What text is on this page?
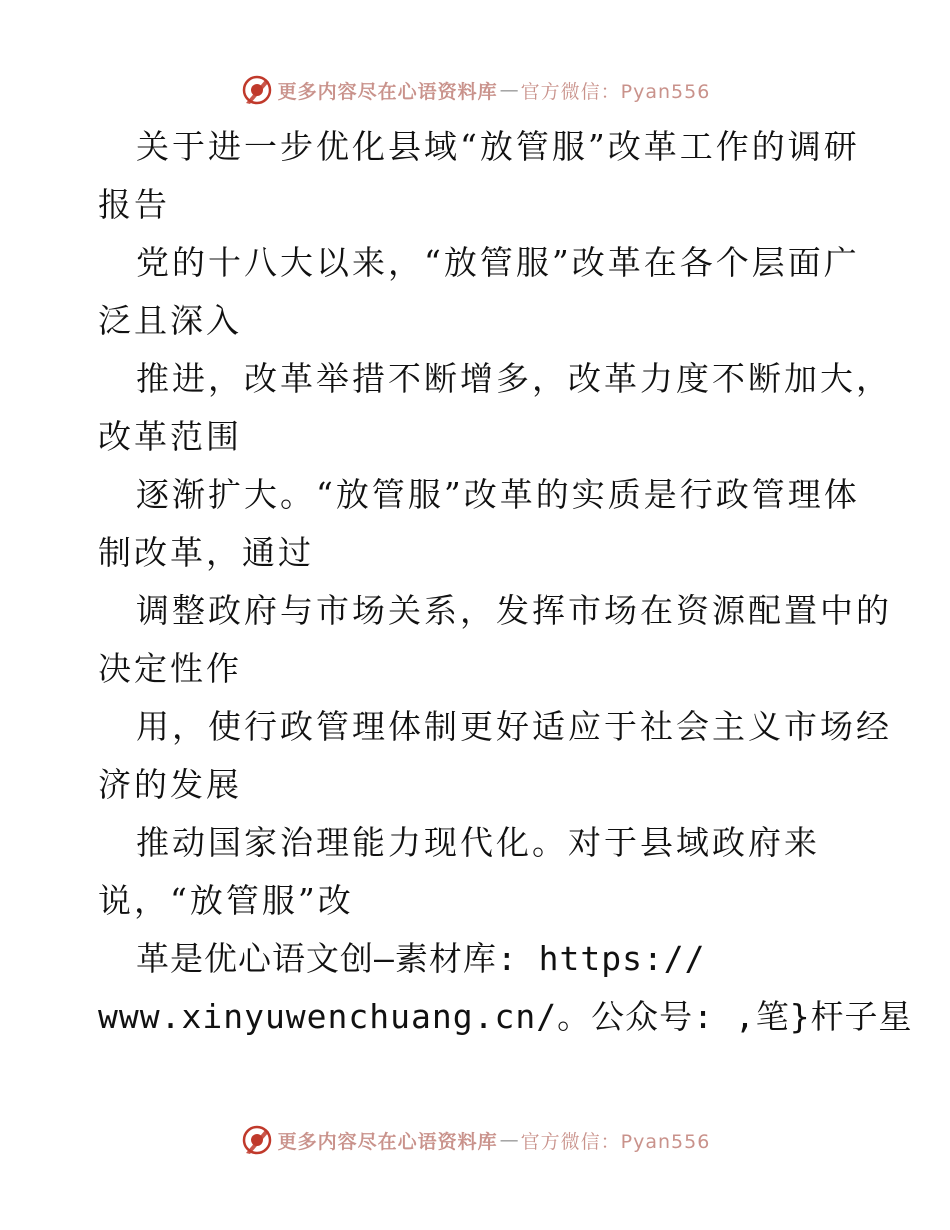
更多内容尽在心语资料库 — 官方微信：Pyan556
关于进一步优化县域“放管服”改革工作的调研
报告
党的十八大以来，“放管服”改革在各个层面广
泛且深入
推进，改革举措不断增多，改革力度不断加大，
改革范围
逐渐扩大。“放管服”改革的实质是行政管理体
制改革，通过
调整政府与市场关系，发挥市场在资源配置中的
决定性作
用，使行政管理体制更好适应于社会主义市场经
济的发展
推动国家治理能力现代化。对于县域政府来
说，“放管服”改
革是优心语文创—素材库: https://
www.xinyuwenchuang.cn/。公众号: ,笔}杆子星
更多内容尽在心语资料库 — 官方微信：Pyan556
